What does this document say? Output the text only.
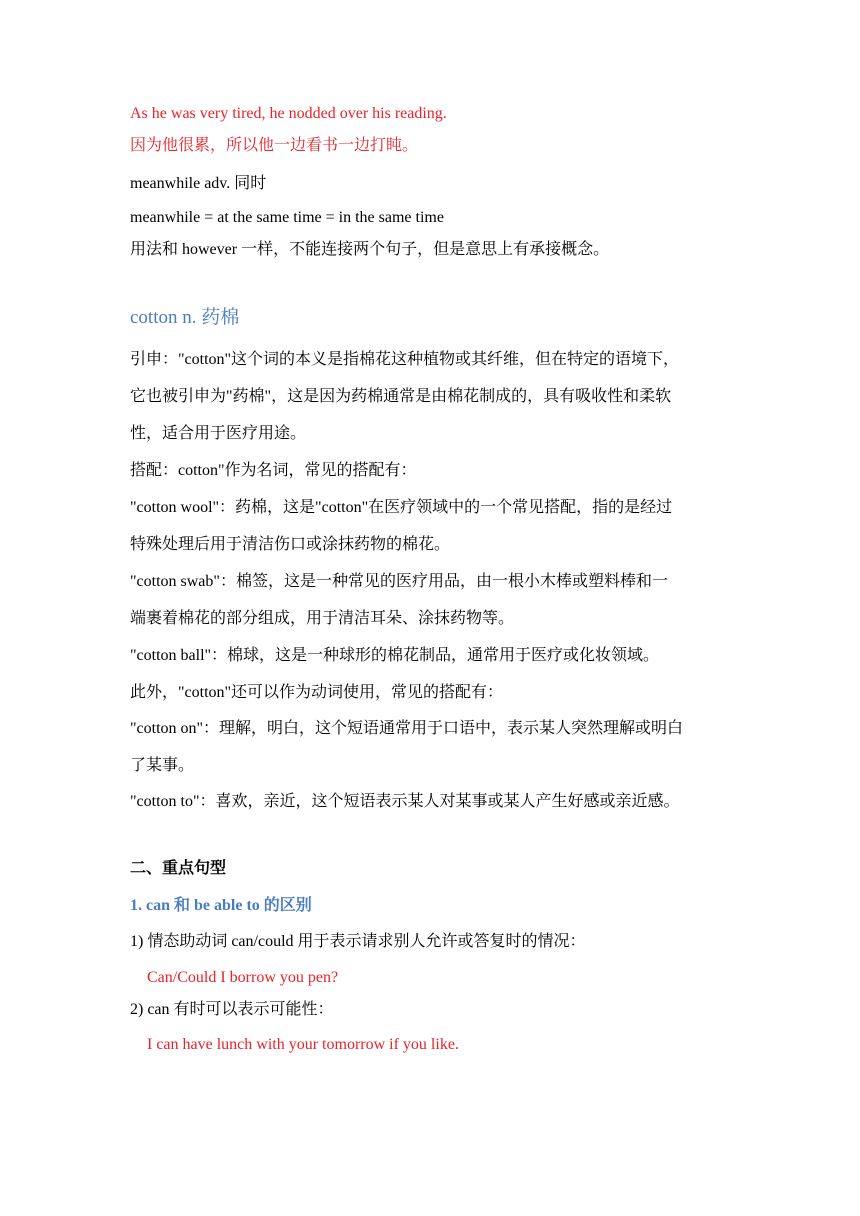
As he was very tired, he nodded over his reading.
因为他很累，所以他一边看书一边打盹。
meanwhile adv. 同时
meanwhile = at the same time = in the same time
用法和 however 一样，不能连接两个句子，但是意思上有承接概念。
cotton n. 药棉
引申："cotton"这个词的本义是指棉花这种植物或其纤维，但在特定的语境下，
它也被引申为"药棉"，这是因为药棉通常是由棉花制成的，具有吸收性和柔软
性，适合用于医疗用途。
搭配：cotton"作为名词，常见的搭配有：
"cotton wool"：药棉，这是"cotton"在医疗领域中的一个常见搭配，指的是经过
特殊处理后用于清洁伤口或涂抹药物的棉花。
"cotton swab"：棉签，这是一种常见的医疗用品，由一根小木棒或塑料棒和一
端裹着棉花的部分组成，用于清洁耳朵、涂抹药物等。
"cotton ball"：棉球，这是一种球形的棉花制品，通常用于医疗或化妆领域。
此外，"cotton"还可以作为动词使用，常见的搭配有：
"cotton on"：理解，明白，这个短语通常用于口语中，表示某人突然理解或明白
了某事。
"cotton to"：喜欢，亲近，这个短语表示某人对某事或某人产生好感或亲近感。
二、重点句型
1. can 和 be able to 的区别
1) 情态助动词 can/could 用于表示请求别人允许或答复时的情况：
Can/Could I borrow you pen?
2) can 有时可以表示可能性：
I can have lunch with your tomorrow if you like.
